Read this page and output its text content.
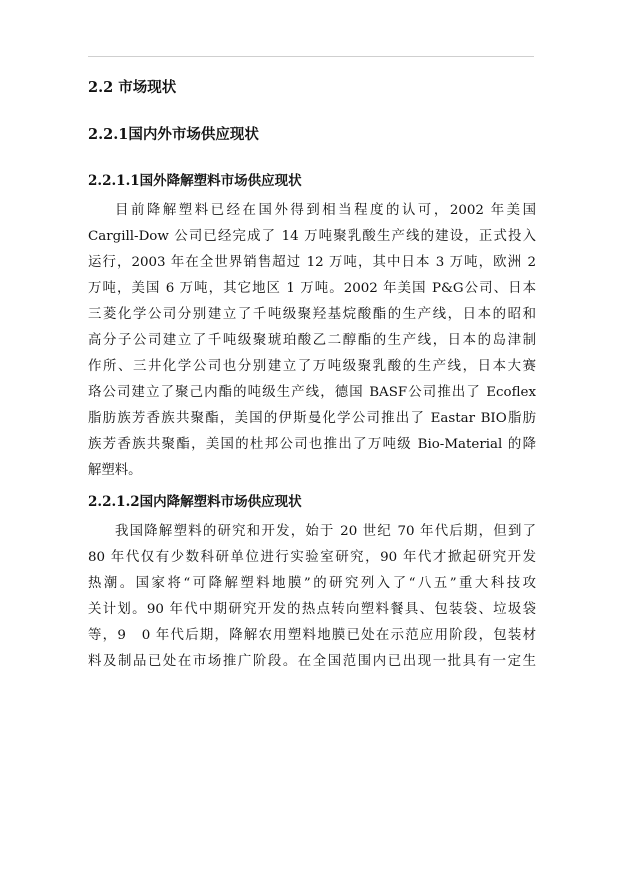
2.2 市场现状
2.2.1国内外市场供应现状
2.2.1.1国外降解塑料市场供应现状
目前降解塑料已经在国外得到相当程度的认可，2002 年美国
Cargill-Dow 公司已经完成了 14 万吨聚乳酸生产线的建设，正式投入
运行，2003 年在全世界销售超过 12 万吨，其中日本 3 万吨，欧洲 2
万吨，美国 6 万吨，其它地区 1 万吨。2002 年美国 P&G公司、日本
三菱化学公司分别建立了千吨级聚羟基烷酸酯的生产线，日本的昭和
高分子公司建立了千吨级聚琥珀酸乙二醇酯的生产线，日本的岛津制
作所、三井化学公司也分别建立了万吨级聚乳酸的生产线，日本大赛
珞公司建立了聚己内酯的吨级生产线，德国 BASF公司推出了 Ecoflex
脂肪族芳香族共聚酯，美国的伊斯曼化学公司推出了 Eastar BIO脂肪
族芳香族共聚酯，美国的杜邦公司也推出了万吨级 Bio-Material 的降
解塑料。
2.2.1.2国内降解塑料市场供应现状
我国降解塑料的研究和开发，始于 20 世纪 70 年代后期，但到了
80 年代仅有少数科研单位进行实验室研究，90 年代才掀起研究开发
热潮。国家将“可降解塑料地膜”的研究列入了“八五”重大科技攻
关计划。90 年代中期研究开发的热点转向塑料餐具、包装袋、垃圾袋
等，9　0 年代后期，降解农用塑料地膜已处在示范应用阶段，包装材
料及制品已处在市场推广阶段。在全国范围内已出现一批具有一定生
